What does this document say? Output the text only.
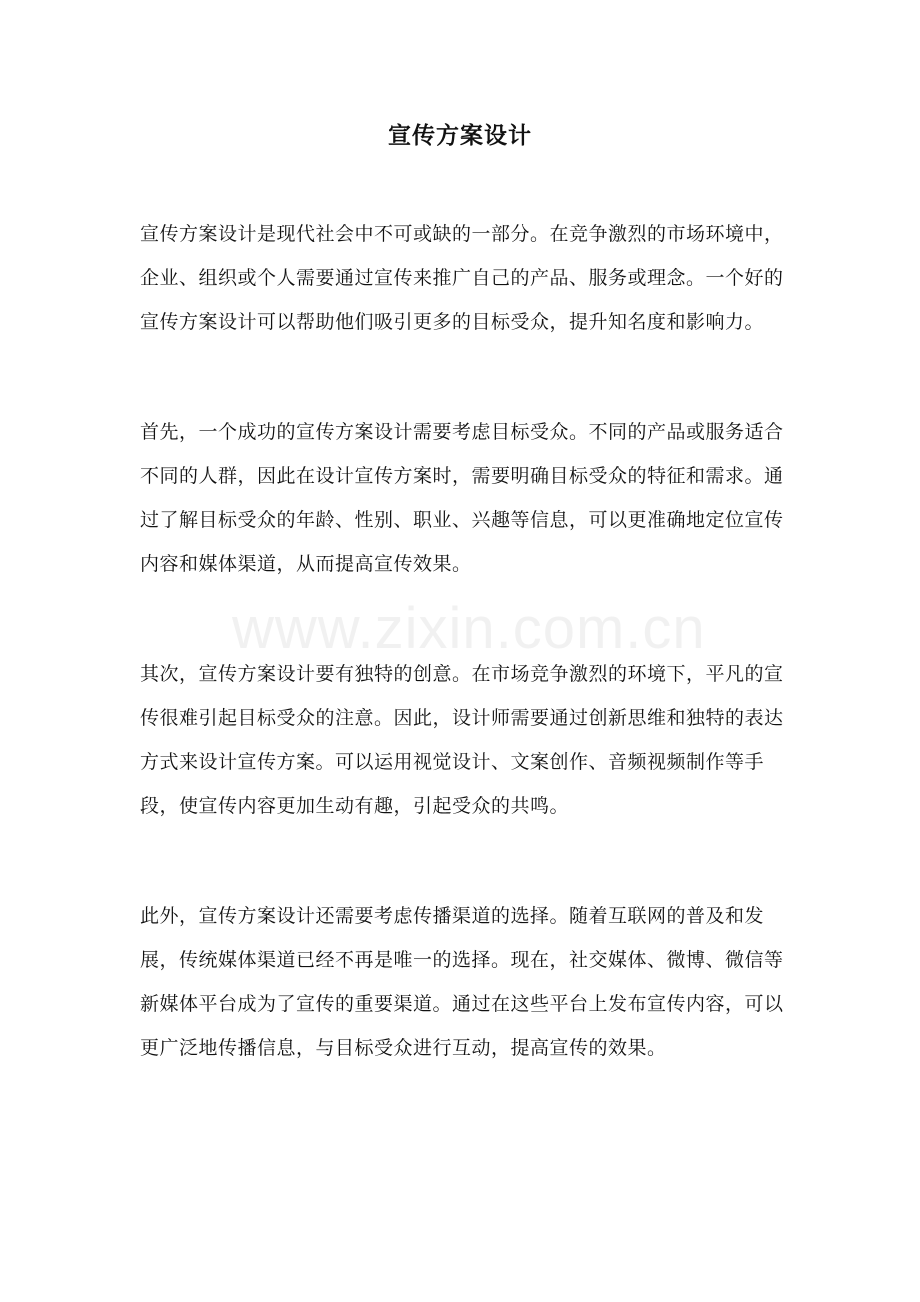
宣传方案设计

宣传方案设计是现代社会中不可或缺的一部分。在竞争激烈的市场环境中，企业、组织或个人需要通过宣传来推广自己的产品、服务或理念。一个好的宣传方案设计可以帮助他们吸引更多的目标受众，提升知名度和影响力。

首先，一个成功的宣传方案设计需要考虑目标受众。不同的产品或服务适合不同的人群，因此在设计宣传方案时，需要明确目标受众的特征和需求。通过了解目标受众的年龄、性别、职业、兴趣等信息，可以更准确地定位宣传内容和媒体渠道，从而提高宣传效果。

其次，宣传方案设计要有独特的创意。在市场竞争激烈的环境下，平凡的宣传很难引起目标受众的注意。因此，设计师需要通过创新思维和独特的表达方式来设计宣传方案。可以运用视觉设计、文案创作、音频视频制作等手段，使宣传内容更加生动有趣，引起受众的共鸣。

此外，宣传方案设计还需要考虑传播渠道的选择。随着互联网的普及和发展，传统媒体渠道已经不再是唯一的选择。现在，社交媒体、微博、微信等新媒体平台成为了宣传的重要渠道。通过在这些平台上发布宣传内容，可以更广泛地传播信息，与目标受众进行互动，提高宣传的效果。

www.zixin.com.cn
